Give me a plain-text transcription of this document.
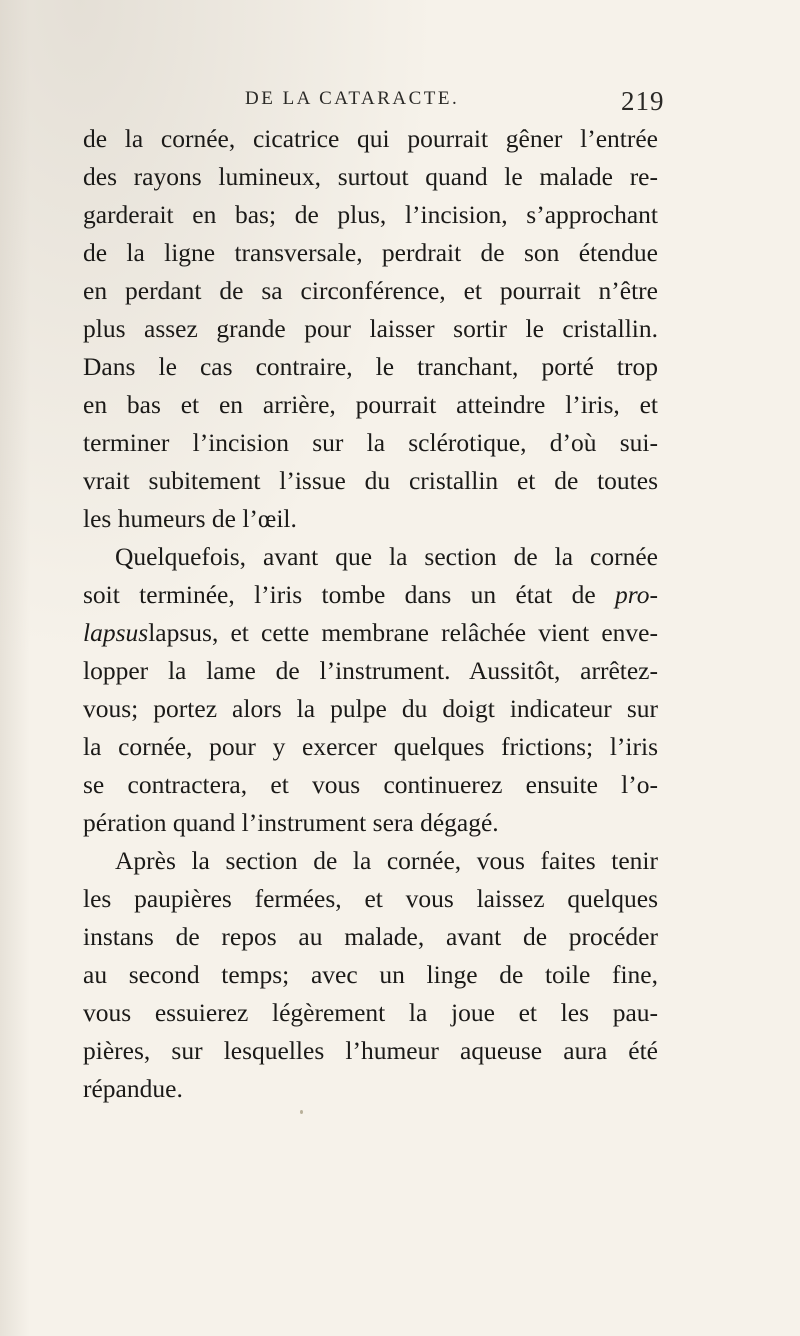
DE LA CATARACTE.	219
de la cornée, cicatrice qui pourrait gêner l’entrée
des rayons lumineux, surtout quand le malade re-
garderait en bas; de plus, l’incision, s’approchant
de la ligne transversale, perdrait de son étendue
en perdant de sa circonférence, et pourrait n’être
plus assez grande pour laisser sortir le cristallin.
Dans le cas contraire, le tranchant, porté trop
en bas et en arrière, pourrait atteindre l’iris, et
terminer l’incision sur la sclérotique, d’où sui-
vrait subitement l’issue du cristallin et de toutes
les humeurs de l’œil.
Quelquefois, avant que la section de la cornée
soit terminée, l’iris tombe dans un état de pro-
lapsuslapsus, et cette membrane relâchée vient enve-
lopper la lame de l’instrument. Aussitôt, arrêtez-
vous; portez alors la pulpe du doigt indicateur sur
la cornée, pour y exercer quelques frictions; l’iris
se contractera, et vous continuerez ensuite l’o-
pération quand l’instrument sera dégagé.
Après la section de la cornée, vous faites tenir
les paupières fermées, et vous laissez quelques
instans de repos au malade, avant de procéder
au second temps; avec un linge de toile fine,
vous essuierez légèrement la joue et les pau-
pières, sur lesquelles l’humeur aqueuse aura été
répandue.
